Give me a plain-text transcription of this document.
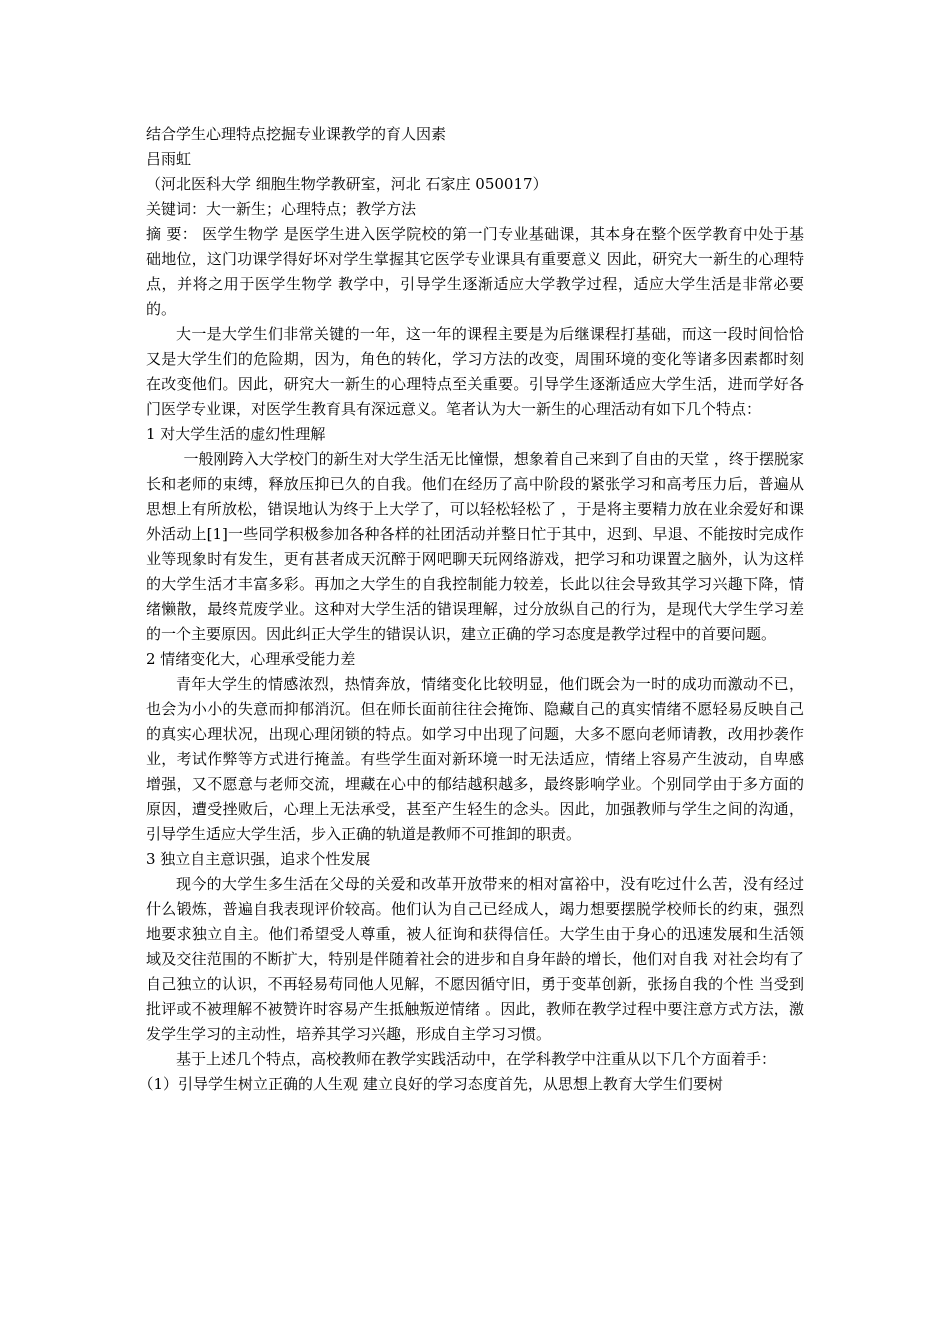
结合学生心理特点挖掘专业课教学的育人因素

吕雨虹

（河北医科大学 细胞生物学教研室，河北 石家庄 050017）

关键词：大一新生；心理特点；教学方法

摘 要： 医学生物学 是医学生进入医学院校的第一门专业基础课，其本身在整个医学教育中处于基础地位，这门功课学得好坏对学生掌握其它医学专业课具有重要意义 因此，研究大一新生的心理特点，并将之用于医学生物学 教学中，引导学生逐渐适应大学教学过程，适应大学生活是非常必要的。

大一是大学生们非常关键的一年，这一年的课程主要是为后继课程打基础，而这一段时间恰恰又是大学生们的危险期，因为，角色的转化，学习方法的改变，周围环境的变化等诸多因素都时刻在改变他们。因此，研究大一新生的心理特点至关重要。引导学生逐渐适应大学生活，进而学好各门医学专业课，对医学生教育具有深远意义。笔者认为大一新生的心理活动有如下几个特点：

1 对大学生活的虚幻性理解

一般刚跨入大学校门的新生对大学生活无比憧憬，想象着自己来到了自由的天堂 ，终于摆脱家长和老师的束缚，释放压抑已久的自我。他们在经历了高中阶段的紧张学习和高考压力后，普遍从思想上有所放松，错误地认为终于上大学了，可以轻松轻松了 ，于是将主要精力放在业余爱好和课外活动上[1]一些同学积极参加各种各样的社团活动并整日忙于其中，迟到、早退、不能按时完成作业等现象时有发生，更有甚者成天沉醉于网吧聊天玩网络游戏，把学习和功课置之脑外，认为这样的大学生活才丰富多彩。再加之大学生的自我控制能力较差，长此以往会导致其学习兴趣下降，情绪懒散，最终荒废学业。这种对大学生活的错误理解，过分放纵自己的行为，是现代大学生学习差的一个主要原因。因此纠正大学生的错误认识，建立正确的学习态度是教学过程中的首要问题。

2 情绪变化大，心理承受能力差

青年大学生的情感浓烈，热情奔放，情绪变化比较明显，他们既会为一时的成功而激动不已，也会为小小的失意而抑郁消沉。但在师长面前往往会掩饰、隐藏自己的真实情绪不愿轻易反映自己的真实心理状况，出现心理闭锁的特点。如学习中出现了问题，大多不愿向老师请教，改用抄袭作业，考试作弊等方式进行掩盖。有些学生面对新环境一时无法适应，情绪上容易产生波动，自卑感增强，又不愿意与老师交流，埋藏在心中的郁结越积越多，最终影响学业。个别同学由于多方面的原因，遭受挫败后，心理上无法承受，甚至产生轻生的念头。因此，加强教师与学生之间的沟通，引导学生适应大学生活，步入正确的轨道是教师不可推卸的职责。

3 独立自主意识强，追求个性发展

现今的大学生多生活在父母的关爱和改革开放带来的相对富裕中，没有吃过什么苦，没有经过什么锻炼，普遍自我表现评价较高。他们认为自己已经成人，竭力想要摆脱学校师长的约束，强烈地要求独立自主。他们希望受人尊重，被人征询和获得信任。大学生由于身心的迅速发展和生活领域及交往范围的不断扩大，特别是伴随着社会的进步和自身年龄的增长，他们对自我 对社会均有了自己独立的认识，不再轻易苟同他人见解，不愿因循守旧，勇于变革创新，张扬自我的个性 当受到批评或不被理解不被赞许时容易产生抵触叛逆情绪 。因此，教师在教学过程中要注意方式方法，激发学生学习的主动性，培养其学习兴趣，形成自主学习习惯。

基于上述几个特点，高校教师在教学实践活动中，在学科教学中注重从以下几个方面着手：

（1）引导学生树立正确的人生观 建立良好的学习态度首先，从思想上教育大学生们要树
